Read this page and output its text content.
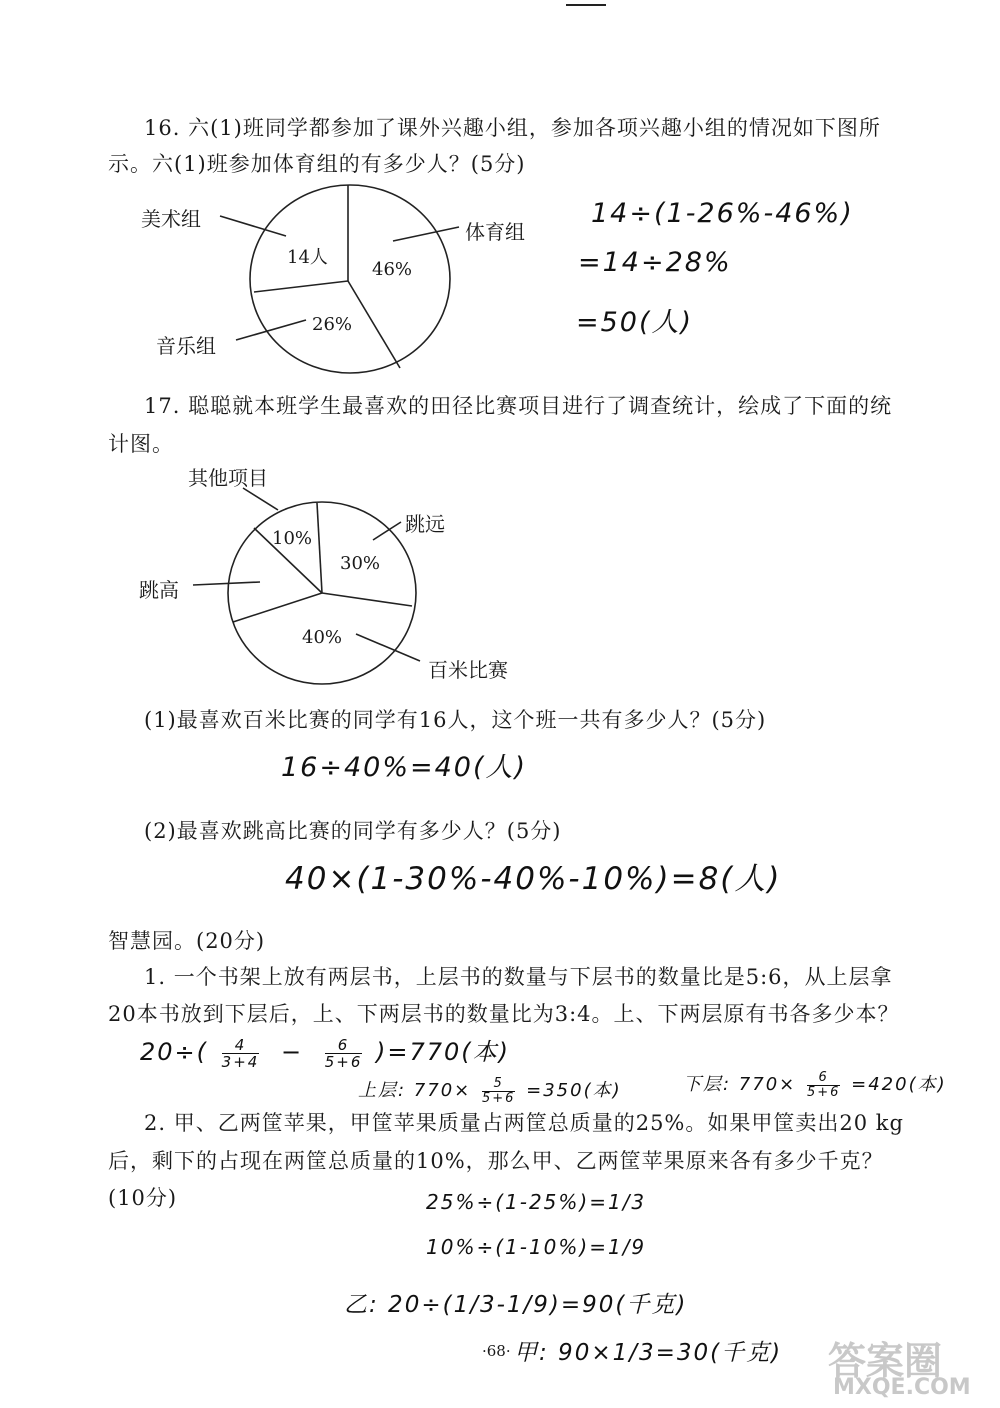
16. 六(1)班同学都参加了课外兴趣小组，参加各项兴趣小组的情况如下图所
示。六(1)班参加体育组的有多少人？(5分)
美术组
体育组
音乐组
14人
46%
26%
14÷(1-26%-46%)
=14÷28%
=50(人)
17. 聪聪就本班学生最喜欢的田径比赛项目进行了调查统计，绘成了下面的统
计图。
其他项目
跳远
跳高
百米比赛
10%
30%
40%
(1)最喜欢百米比赛的同学有16人，这个班一共有多少人？(5分)
16÷40%=40(人)
(2)最喜欢跳高比赛的同学有多少人？(5分)
40×(1-30%-40%-10%)=8(人)
智慧园。(20分)
1. 一个书架上放有两层书，上层书的数量与下层书的数量比是5:6，从上层拿
20本书放到下层后，上、下两层书的数量比为3:4。上、下两层原有书各多少本？
$20\div( \frac{4}{3+4} - \frac{6}{5+6} )=770$(本)
上层: $770\times \frac{5}{5+6} =350$(本)	下层: $770\times \frac{6}{5+6} =420$(本)
2. 甲、乙两筐苹果，甲筐苹果质量占两筐总质量的25%。如果甲筐卖出20 kg
后，剩下的占现在两筐总质量的10%，那么甲、乙两筐苹果原来各有多少千克？
(10分)	25%÷(1-25%)=1/3
10%÷(1-10%)=1/9
乙: 20÷(1/3-1/9)=90(千克)
甲: 90×1/3=30(千克)
·68·	答案圈
MXQE.COM
